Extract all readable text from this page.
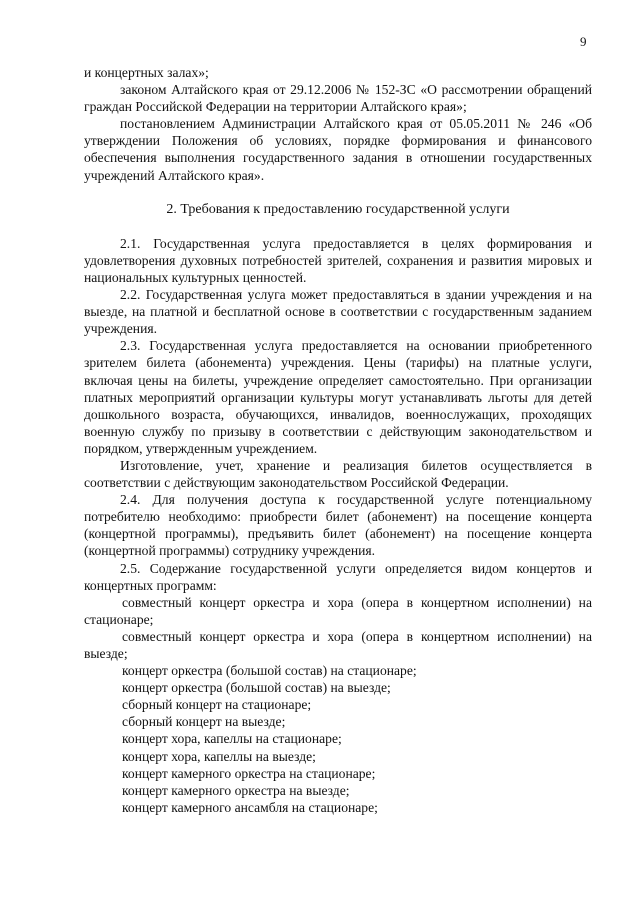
9

и концертных залах»;

законом Алтайского края от 29.12.2006 № 152-ЗС «О рассмотрении обращений граждан Российской Федерации на территории Алтайского края»;

постановлением Администрации Алтайского края от 05.05.2011 № 246 «Об утверждении Положения об условиях, порядке формирования и финансового обеспечения выполнения государственного задания в отношении государственных учреждений Алтайского края».

2. Требования к предоставлению государственной услуги

2.1. Государственная услуга предоставляется в целях формирования и удовлетворения духовных потребностей зрителей, сохранения и развития мировых и национальных культурных ценностей.

2.2. Государственная услуга может предоставляться в здании учреждения и на выезде, на платной и бесплатной основе в соответствии с государственным заданием учреждения.

2.3. Государственная услуга предоставляется на основании приобретенного зрителем билета (абонемента) учреждения. Цены (тарифы) на платные услуги, включая цены на билеты, учреждение определяет самостоятельно. При организации платных мероприятий организации культуры могут устанавливать льготы для детей дошкольного возраста, обучающихся, инвалидов, военнослужащих, проходящих военную службу по призыву в соответствии с действующим законодательством и порядком, утвержденным учреждением.

Изготовление, учет, хранение и реализация билетов осуществляется в соответствии с действующим законодательством Российской Федерации.

2.4. Для получения доступа к государственной услуге потенциальному потребителю необходимо: приобрести билет (абонемент) на посещение концерта (концертной программы), предъявить билет (абонемент) на посещение концерта (концертной программы) сотруднику учреждения.

2.5. Содержание государственной услуги определяется видом концертов и концертных программ:

совместный концерт оркестра и хора (опера в концертном исполнении) на стационаре;

совместный концерт оркестра и хора (опера в концертном исполнении) на выезде;

концерт оркестра (большой состав) на стационаре;

концерт оркестра (большой состав) на выезде;

сборный концерт на стационаре;

сборный концерт на выезде;

концерт хора, капеллы на стационаре;

концерт хора, капеллы на выезде;

концерт камерного оркестра на стационаре;

концерт камерного оркестра на выезде;

концерт камерного ансамбля на стационаре;
